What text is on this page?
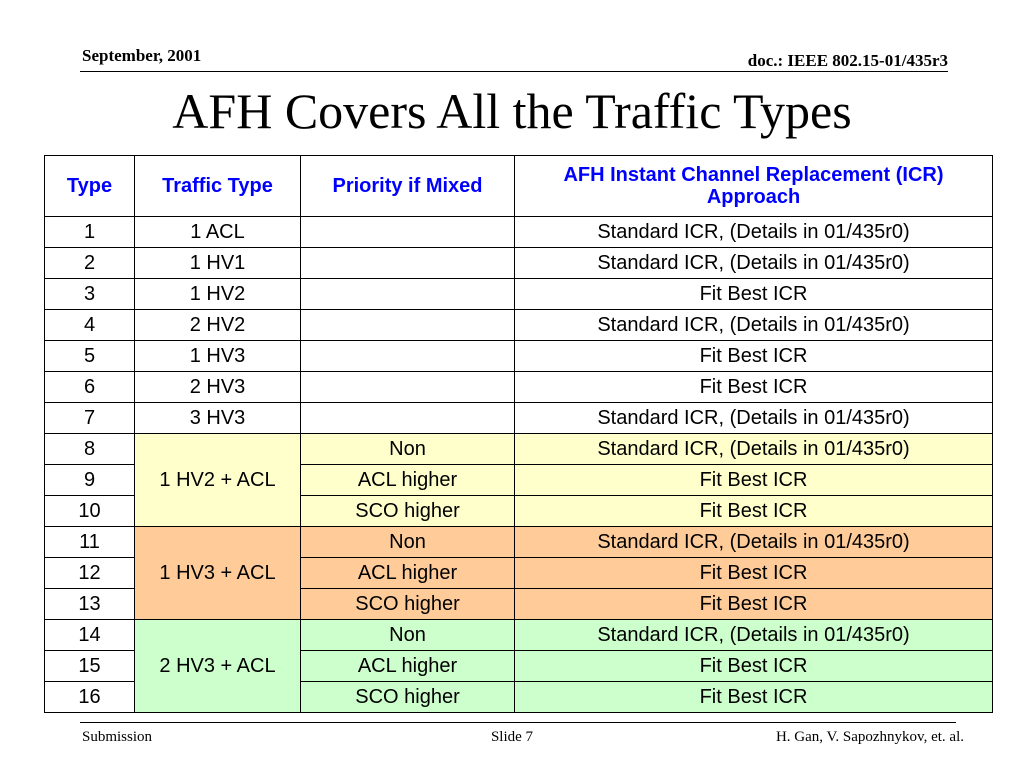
September, 2001	doc.: IEEE 802.15-01/435r3
AFH Covers All the Traffic Types
Type	Traffic Type	Priority if Mixed	AFH Instant Channel Replacement (ICR) Approach
1	1 ACL		Standard ICR, (Details in 01/435r0)
2	1 HV1		Standard ICR, (Details in 01/435r0)
3	1 HV2		Fit Best ICR
4	2 HV2		Standard ICR, (Details in 01/435r0)
5	1 HV3		Fit Best ICR
6	2 HV3		Fit Best ICR
7	3 HV3		Standard ICR, (Details in 01/435r0)
8	1 HV2 + ACL	Non	Standard ICR, (Details in 01/435r0)
9		ACL higher	Fit Best ICR
10		SCO higher	Fit Best ICR
11	1 HV3 + ACL	Non	Standard ICR, (Details in 01/435r0)
12		ACL higher	Fit Best ICR
13		SCO higher	Fit Best ICR
14	2 HV3 + ACL	Non	Standard ICR, (Details in 01/435r0)
15		ACL higher	Fit Best ICR
16		SCO higher	Fit Best ICR
Submission	Slide 7	H. Gan, V. Sapozhnykov, et. al.
